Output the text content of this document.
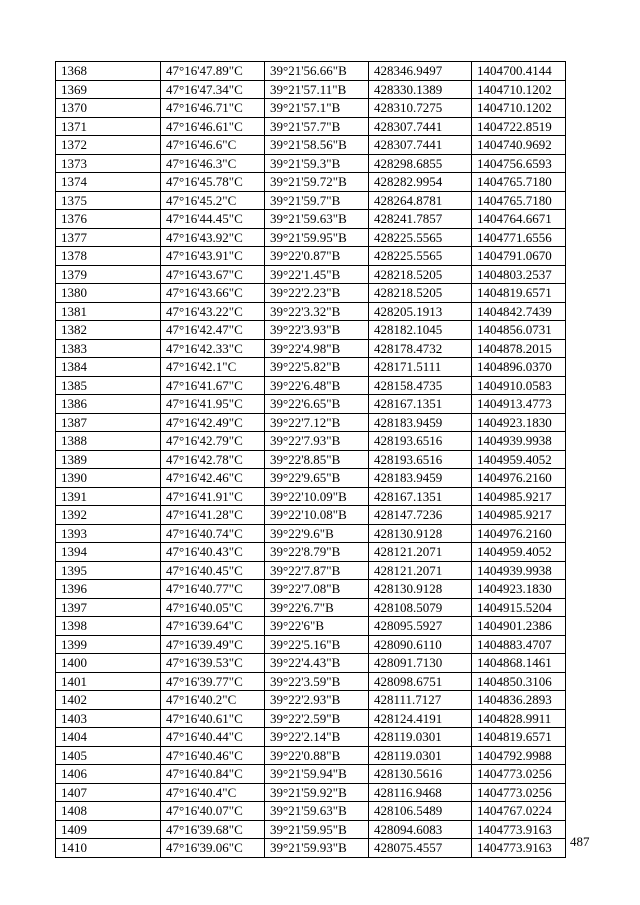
1368	47°16'47.89"С	39°21'56.66"В	428346.9497	1404700.4144
1369	47°16'47.34"С	39°21'57.11"В	428330.1389	1404710.1202
1370	47°16'46.71"С	39°21'57.1"В	428310.7275	1404710.1202
1371	47°16'46.61"С	39°21'57.7"В	428307.7441	1404722.8519
1372	47°16'46.6"С	39°21'58.56"В	428307.7441	1404740.9692
1373	47°16'46.3"С	39°21'59.3"В	428298.6855	1404756.6593
1374	47°16'45.78"С	39°21'59.72"В	428282.9954	1404765.7180
1375	47°16'45.2"С	39°21'59.7"В	428264.8781	1404765.7180
1376	47°16'44.45"С	39°21'59.63"В	428241.7857	1404764.6671
1377	47°16'43.92"С	39°21'59.95"В	428225.5565	1404771.6556
1378	47°16'43.91"С	39°22'0.87"В	428225.5565	1404791.0670
1379	47°16'43.67"С	39°22'1.45"В	428218.5205	1404803.2537
1380	47°16'43.66"С	39°22'2.23"В	428218.5205	1404819.6571
1381	47°16'43.22"С	39°22'3.32"В	428205.1913	1404842.7439
1382	47°16'42.47"С	39°22'3.93"В	428182.1045	1404856.0731
1383	47°16'42.33"С	39°22'4.98"В	428178.4732	1404878.2015
1384	47°16'42.1"С	39°22'5.82"В	428171.5111	1404896.0370
1385	47°16'41.67"С	39°22'6.48"В	428158.4735	1404910.0583
1386	47°16'41.95"С	39°22'6.65"В	428167.1351	1404913.4773
1387	47°16'42.49"С	39°22'7.12"В	428183.9459	1404923.1830
1388	47°16'42.79"С	39°22'7.93"В	428193.6516	1404939.9938
1389	47°16'42.78"С	39°22'8.85"В	428193.6516	1404959.4052
1390	47°16'42.46"С	39°22'9.65"В	428183.9459	1404976.2160
1391	47°16'41.91"С	39°22'10.09"В	428167.1351	1404985.9217
1392	47°16'41.28"С	39°22'10.08"В	428147.7236	1404985.9217
1393	47°16'40.74"С	39°22'9.6"В	428130.9128	1404976.2160
1394	47°16'40.43"С	39°22'8.79"В	428121.2071	1404959.4052
1395	47°16'40.45"С	39°22'7.87"В	428121.2071	1404939.9938
1396	47°16'40.77"С	39°22'7.08"В	428130.9128	1404923.1830
1397	47°16'40.05"С	39°22'6.7"В	428108.5079	1404915.5204
1398	47°16'39.64"С	39°22'6"В	428095.5927	1404901.2386
1399	47°16'39.49"С	39°22'5.16"В	428090.6110	1404883.4707
1400	47°16'39.53"С	39°22'4.43"В	428091.7130	1404868.1461
1401	47°16'39.77"С	39°22'3.59"В	428098.6751	1404850.3106
1402	47°16'40.2"С	39°22'2.93"В	428111.7127	1404836.2893
1403	47°16'40.61"С	39°22'2.59"В	428124.4191	1404828.9911
1404	47°16'40.44"С	39°22'2.14"В	428119.0301	1404819.6571
1405	47°16'40.46"С	39°22'0.88"В	428119.0301	1404792.9988
1406	47°16'40.84"С	39°21'59.94"В	428130.5616	1404773.0256
1407	47°16'40.4"С	39°21'59.92"В	428116.9468	1404773.0256
1408	47°16'40.07"С	39°21'59.63"В	428106.5489	1404767.0224
1409	47°16'39.68"С	39°21'59.95"В	428094.6083	1404773.9163
1410	47°16'39.06"С	39°21'59.93"В	428075.4557	1404773.9163 487
